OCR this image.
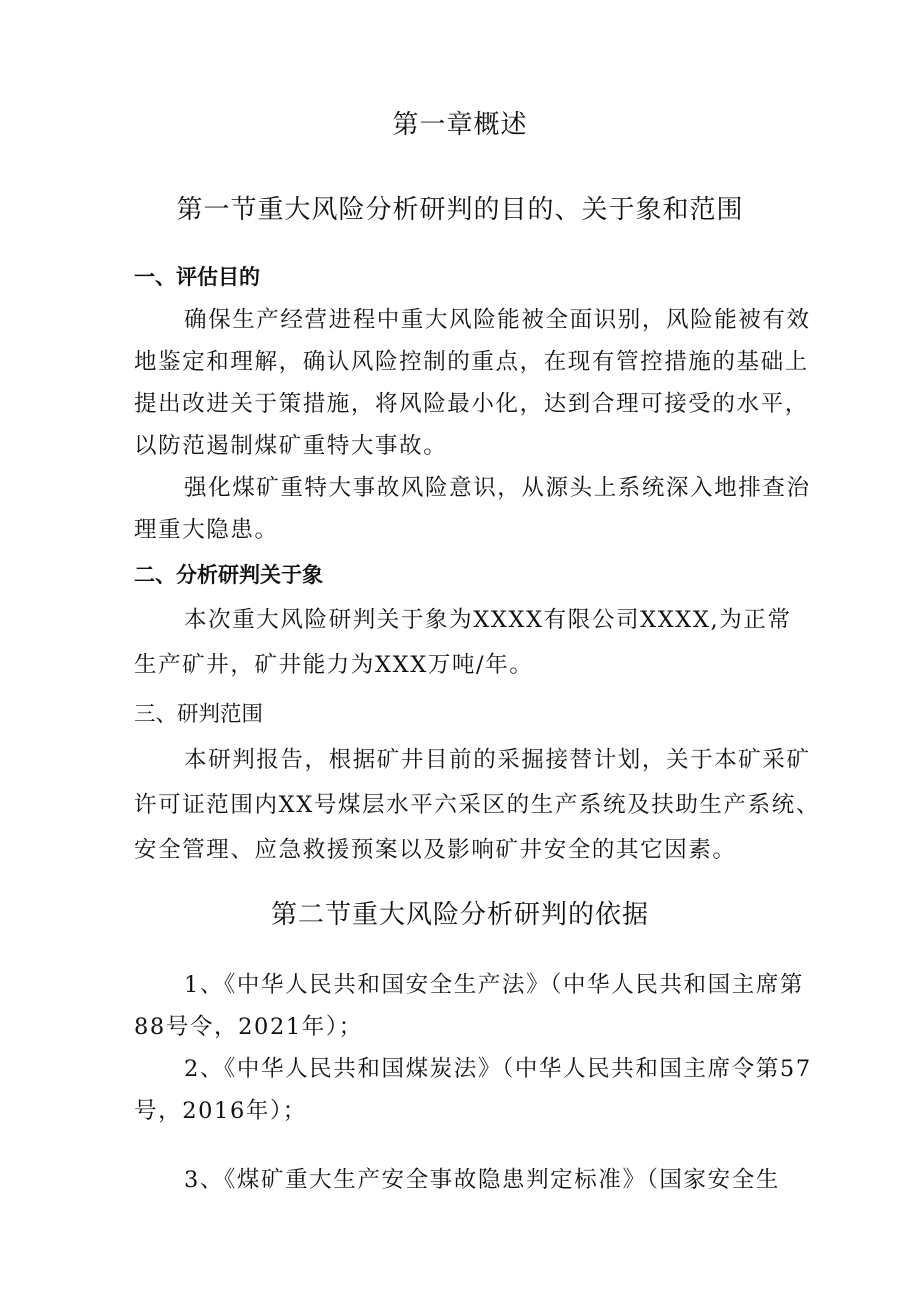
第一章概述
第一节重大风险分析研判的目的、关于象和范围
一、评估目的
确保生产经营进程中重大风险能被全面识别，风险能被有效
地鉴定和理解，确认风险控制的重点，在现有管控措施的基础上
提出改进关于策措施，将风险最小化，达到合理可接受的水平，
以防范遏制煤矿重特大事故。
强化煤矿重特大事故风险意识，从源头上系统深入地排查治
理重大隐患。
二、分析研判关于象
本次重大风险研判关于象为XXXX有限公司XXXX,为正常
生产矿井，矿井能力为XXX万吨/年。
三、研判范围
本研判报告，根据矿井目前的采掘接替计划，关于本矿采矿
许可证范围内XX号煤层水平六采区的生产系统及扶助生产系统、
安全管理、应急救援预案以及影响矿井安全的其它因素。
第二节重大风险分析研判的依据
1、《中华人民共和国安全生产法》（中华人民共和国主席第
88号令，2021年）；
2、《中华人民共和国煤炭法》（中华人民共和国主席令第57
号，2016年）；
3、《煤矿重大生产安全事故隐患判定标准》（国家安全生
